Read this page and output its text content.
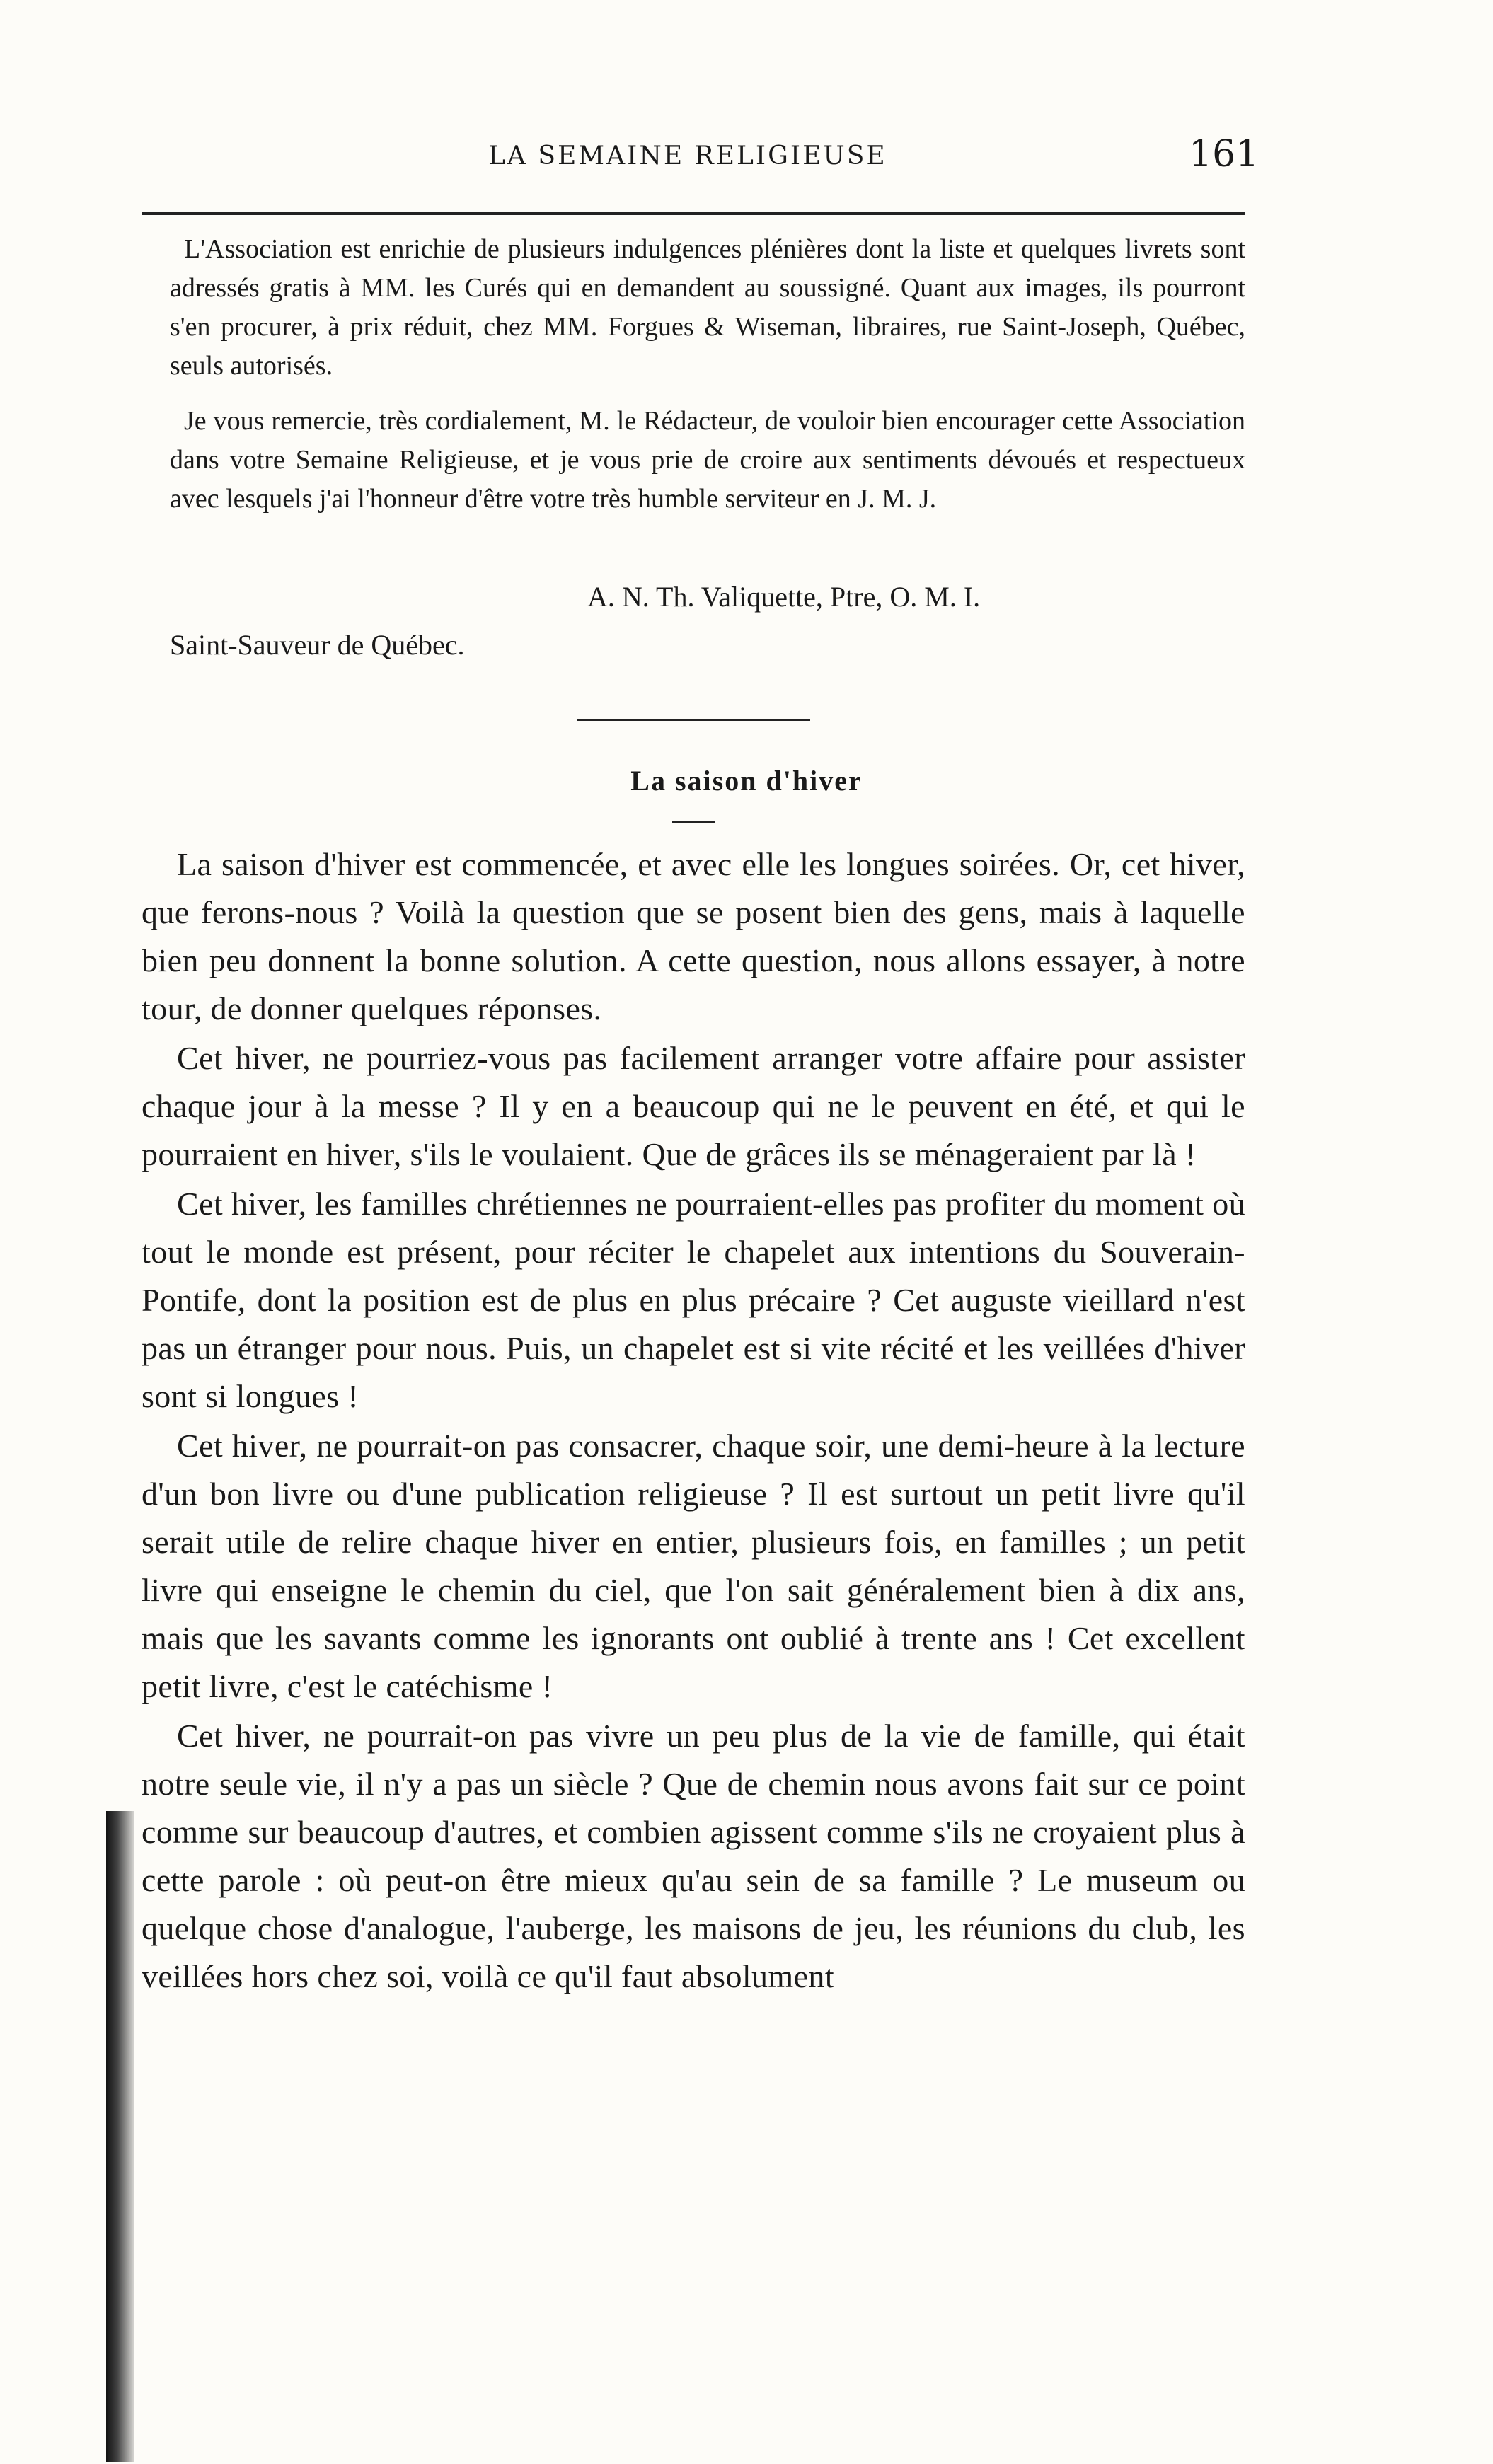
LA SEMAINE RELIGIEUSE	161
L'Association est enrichie de plusieurs indulgences plénières dont la liste et quelques livrets sont adressés gratis à MM. les Curés qui en demandent au soussigné. Quant aux images, ils pourront s'en procurer, à prix réduit, chez MM. Forgues & Wiseman, libraires, rue Saint-Joseph, Québec, seuls autorisés.
Je vous remercie, très cordialement, M. le Rédacteur, de vouloir bien encourager cette Association dans votre Semaine Religieuse, et je vous prie de croire aux sentiments dévoués et respectueux avec lesquels j'ai l'honneur d'être votre très humble serviteur en J. M. J.
A. N. Th. Valiquette, Ptre, O. M. I.
Saint-Sauveur de Québec.
La saison d'hiver

La saison d'hiver est commencée, et avec elle les longues soirées. Or, cet hiver, que ferons-nous ? Voilà la question que se posent bien des gens, mais à laquelle bien peu donnent la bonne solution. A cette question, nous allons essayer, à notre tour, de donner quelques réponses.

Cet hiver, ne pourriez-vous pas facilement arranger votre affaire pour assister chaque jour à la messe ? Il y en a beaucoup qui ne le peuvent en été, et qui le pourraient en hiver, s'ils le voulaient. Que de grâces ils se ménageraient par là !

Cet hiver, les familles chrétiennes ne pourraient-elles pas profiter du moment où tout le monde est présent, pour réciter le chapelet aux intentions du Souverain-Pontife, dont la position est de plus en plus précaire ? Cet auguste vieillard n'est pas un étranger pour nous. Puis, un chapelet est si vite récité et les veillées d'hiver sont si longues !

Cet hiver, ne pourrait-on pas consacrer, chaque soir, une demi-heure à la lecture d'un bon livre ou d'une publication religieuse ? Il est surtout un petit livre qu'il serait utile de relire chaque hiver en entier, plusieurs fois, en familles ; un petit livre qui enseigne le chemin du ciel, que l'on sait généralement bien à dix ans, mais que les savants comme les ignorants ont oublié à trente ans ! Cet excellent petit livre, c'est le catéchisme !

Cet hiver, ne pourrait-on pas vivre un peu plus de la vie de famille, qui était notre seule vie, il n'y a pas un siècle ? Que de chemin nous avons fait sur ce point comme sur beaucoup d'autres, et combien agissent comme s'ils ne croyaient plus à cette parole : où peut-on être mieux qu'au sein de sa famille ? Le museum ou quelque chose d'analogue, l'auberge, les maisons de jeu, les réunions du club, les veillées hors chez soi, voilà ce qu'il faut absolument
